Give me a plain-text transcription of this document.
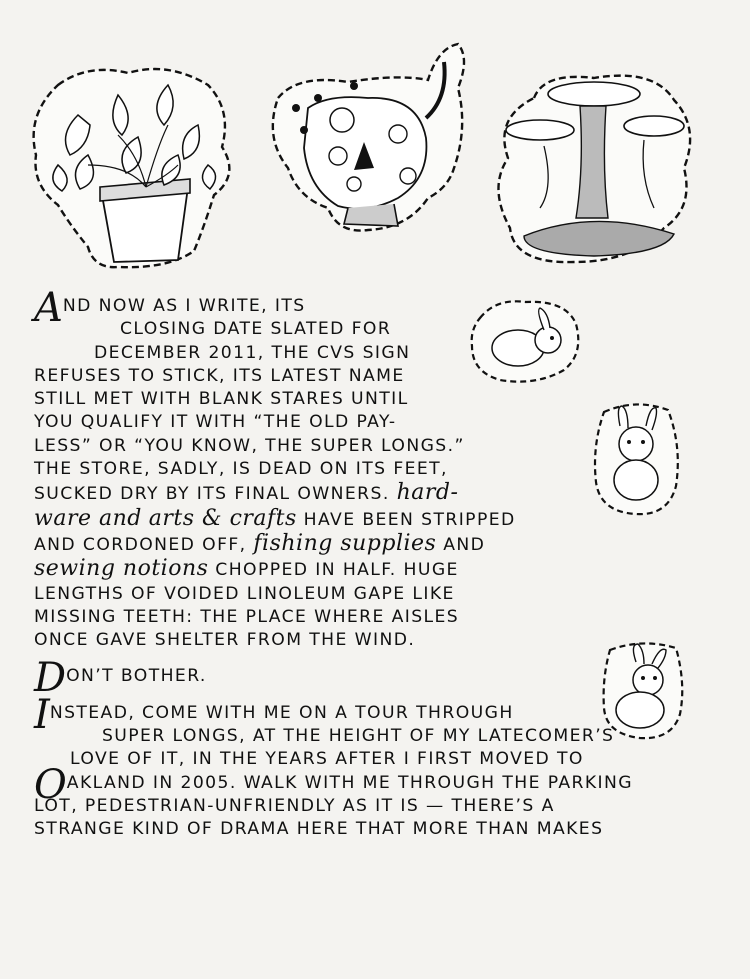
AND NOW AS I WRITE, ITS
CLOSING DATE SLATED FOR
DECEMBER 2011, THE CVS SIGN
REFUSES TO STICK, ITS LATEST NAME
STILL MET WITH BLANK STARES UNTIL
YOU QUALIFY IT WITH “THE OLD PAY-
LESS” OR “YOU KNOW, THE SUPER LONGS.”
THE STORE, SADLY, IS DEAD ON ITS FEET,
SUCKED DRY BY ITS FINAL OWNERS. hard-
ware and arts & crafts HAVE BEEN STRIPPED
AND CORDONED OFF, fishing supplies AND
sewing notions CHOPPED IN HALF. HUGE
LENGTHS OF VOIDED LINOLEUM GAPE LIKE
MISSING TEETH: THE PLACE WHERE AISLES
ONCE GAVE SHELTER FROM THE WIND.
DON’T BOTHER.
INSTEAD, COME WITH ME ON A TOUR THROUGH
SUPER LONGS, AT THE HEIGHT OF MY LATECOMER’S
LOVE OF IT, IN THE YEARS AFTER I FIRST MOVED TO
OAKLAND IN 2005. WALK WITH ME THROUGH THE PARKING
LOT, PEDESTRIAN-UNFRIENDLY AS IT IS — THERE’S A
STRANGE KIND OF DRAMA HERE THAT MORE THAN MAKES
